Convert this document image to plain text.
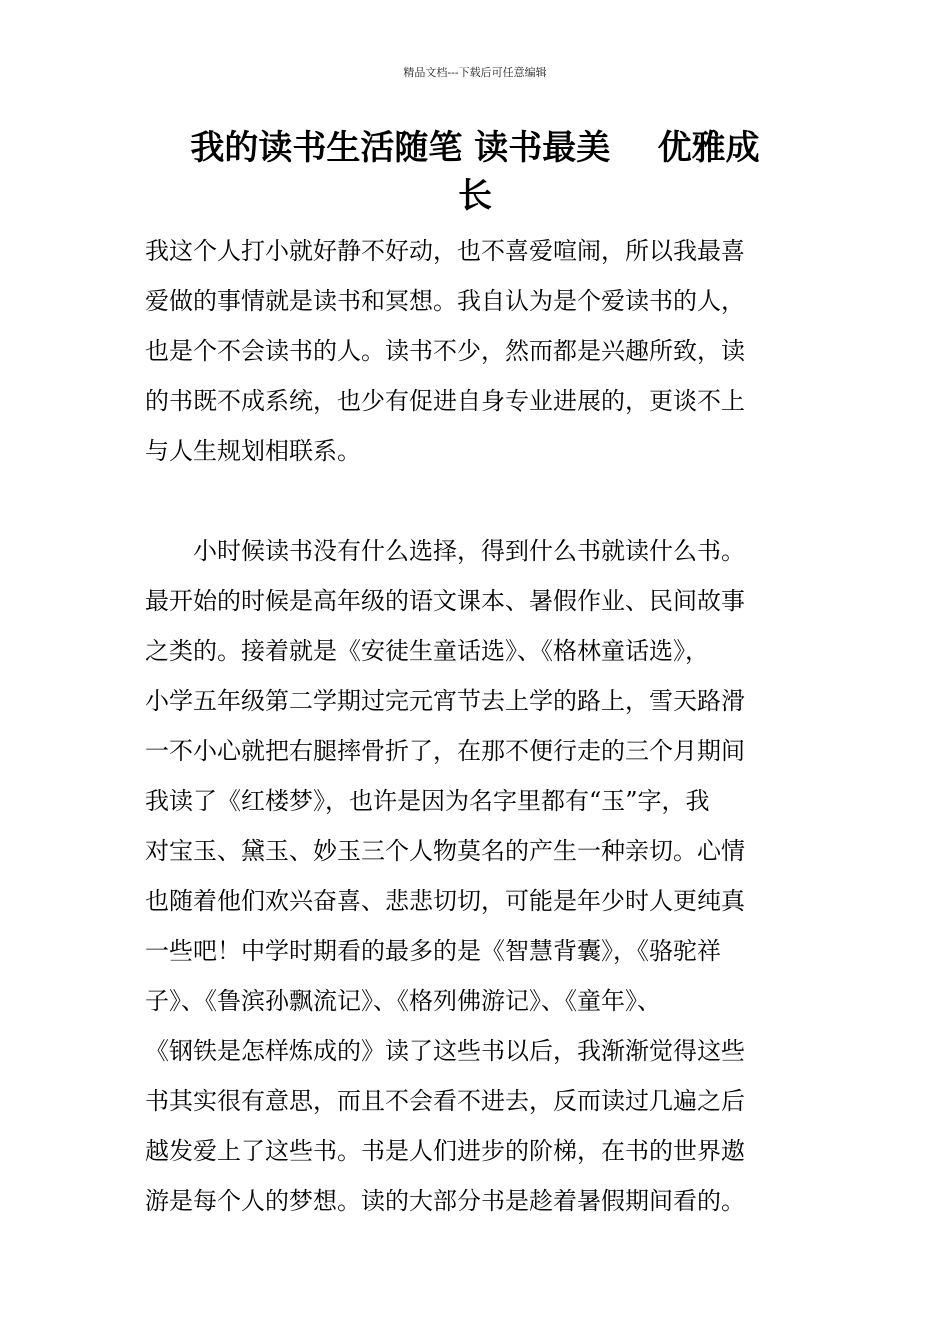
精品文档---下载后可任意编辑
我的读书生活随笔 读书最美    优雅成
长
我这个人打小就好静不好动，也不喜爱喧闹，所以我最喜
爱做的事情就是读书和冥想。我自认为是个爱读书的人，
也是个不会读书的人。读书不少，然而都是兴趣所致，读
的书既不成系统，也少有促进自身专业进展的，更谈不上
与人生规划相联系。
　　小时候读书没有什么选择，得到什么书就读什么书。
最开始的时候是高年级的语文课本、暑假作业、民间故事
之类的。接着就是《安徒生童话选》、《格林童话选》，
小学五年级第二学期过完元宵节去上学的路上，雪天路滑
一不小心就把右腿摔骨折了，在那不便行走的三个月期间
我读了《红楼梦》，也许是因为名字里都有“玉”字，我
对宝玉、黛玉、妙玉三个人物莫名的产生一种亲切。心情
也随着他们欢兴奋喜、悲悲切切，可能是年少时人更纯真
一些吧！中学时期看的最多的是《智慧背囊》，《骆驼祥
子》、《鲁滨孙飘流记》、《格列佛游记》、《童年》、
《钢铁是怎样炼成的》读了这些书以后，我渐渐觉得这些
书其实很有意思，而且不会看不进去，反而读过几遍之后
越发爱上了这些书。书是人们进步的阶梯，在书的世界遨
游是每个人的梦想。读的大部分书是趁着暑假期间看的。
